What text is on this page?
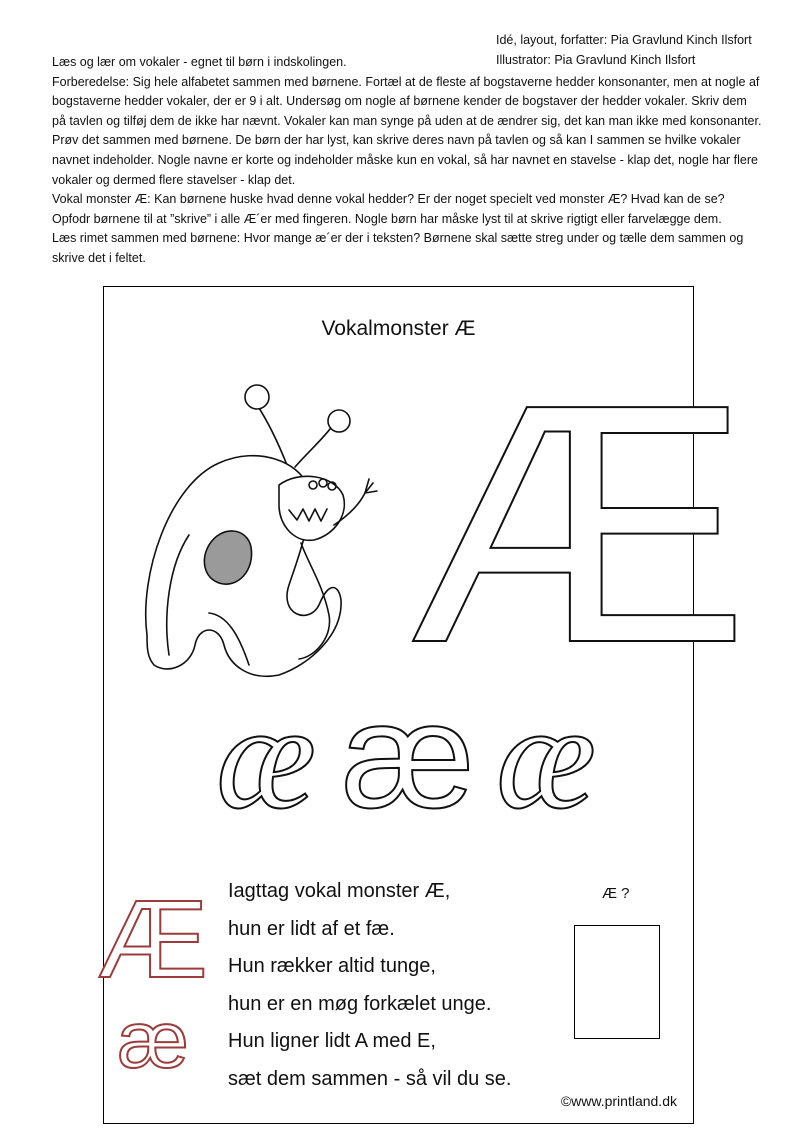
Idé, layout, forfatter: Pia Gravlund Kinch Ilsfort
Illustrator: Pia Gravlund Kinch Ilsfort

Læs og lær om vokaler - egnet til børn i indskolingen.

Forberedelse: Sig hele alfabetet sammen med børnene. Fortæl at de fleste af bogstaverne hedder konsonanter, men at nogle af bogstaverne hedder vokaler, der er 9 i alt. Undersøg om nogle af børnene kender de bogstaver der hedder vokaler. Skriv dem på tavlen og tilføj dem de ikke har nævnt. Vokaler kan man synge på uden at de ændrer sig, det kan man ikke med konsonanter. Prøv det sammen med børnene. De børn der har lyst, kan skrive deres navn på tavlen og så kan I sammen se hvilke vokaler navnet indeholder. Nogle navne er korte og indeholder måske kun en vokal, så har navnet en stavelse - klap det, nogle har flere vokaler og dermed flere stavelser - klap det.

Vokal monster Æ: Kan børnene huske hvad denne vokal hedder? Er der noget specielt ved monster Æ? Hvad kan de se? Opfodr børnene til at ”skrive” i alle Æ´er med fingeren. Nogle børn har måske lyst til at skrive rigtigt eller farvelægge dem.

Læs rimet sammen med børnene: Hvor mange æ´er der i teksten? Børnene skal sætte streg under og tælle dem sammen og skrive det i feltet.

Vokalmonster Æ
Æ
æ æ æ
Æ
æ
Iagttag vokal monster Æ,
hun er lidt af et fæ.
Hun rækker altid tunge,
hun er en møg forkælet unge.
Hun ligner lidt A med E,
sæt dem sammen - så vil du se.
Æ ?
©www.printland.dk
